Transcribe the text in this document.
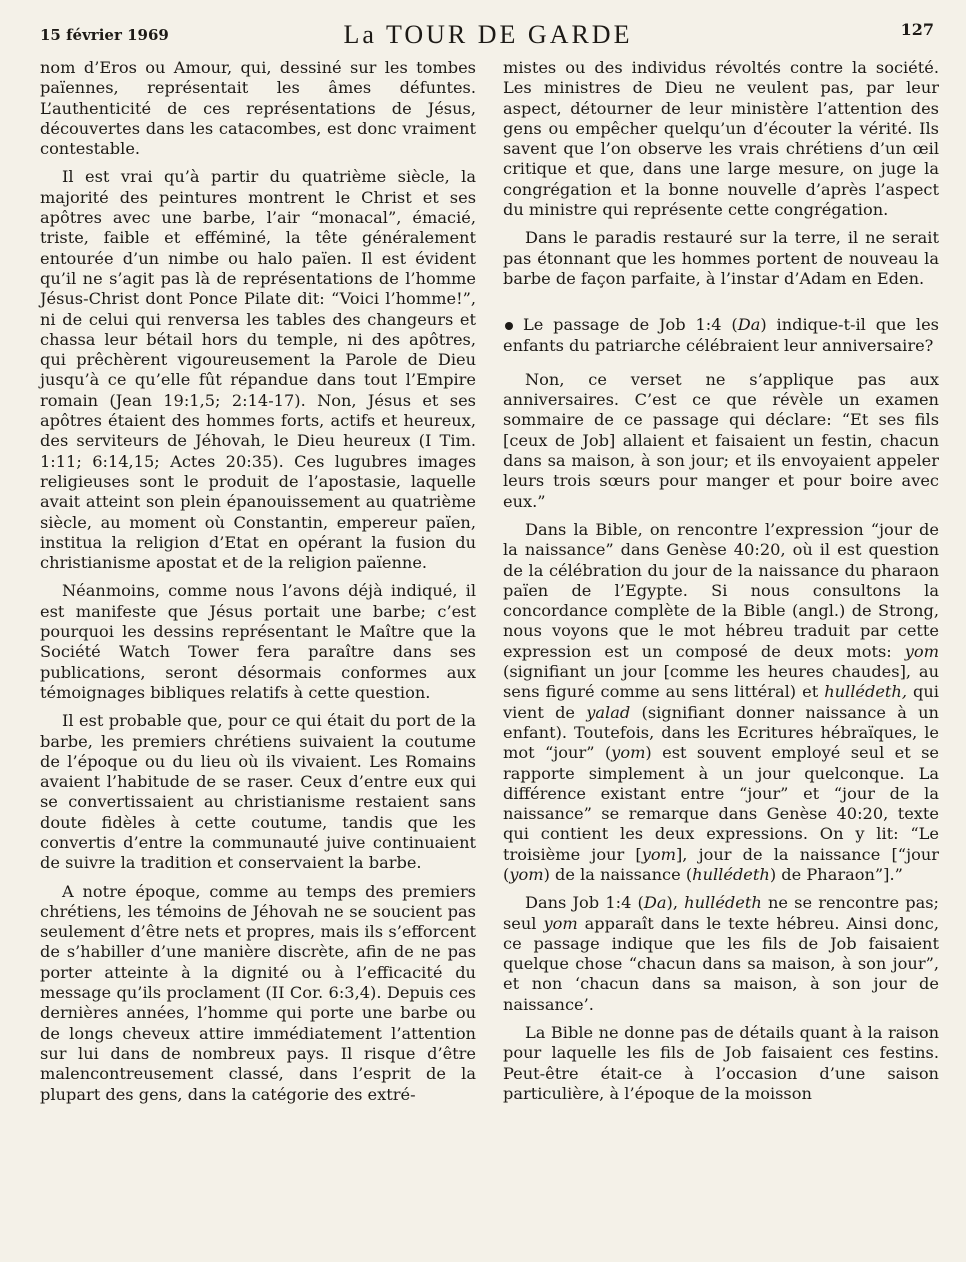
15 février 1969	La TOUR DE GARDE	127

nom d’Eros ou Amour, qui, dessiné sur les tombes païennes, représentait les âmes défuntes. L’authenticité de ces représentations de Jésus, découvertes dans les catacombes, est donc vraiment contestable.

Il est vrai qu’à partir du quatrième siècle, la majorité des peintures montrent le Christ et ses apôtres avec une barbe, l’air “monacal”, émacié, triste, faible et efféminé, la tête généralement entourée d’un nimbe ou halo païen. Il est évident qu’il ne s’agit pas là de représentations de l’homme Jésus-Christ dont Ponce Pilate dit: “Voici l’homme!”, ni de celui qui renversa les tables des changeurs et chassa leur bétail hors du temple, ni des apôtres, qui prêchèrent vigoureusement la Parole de Dieu jusqu’à ce qu’elle fût répandue dans tout l’Empire romain (Jean 19:1,5; 2:14-17). Non, Jésus et ses apôtres étaient des hommes forts, actifs et heureux, des serviteurs de Jéhovah, le Dieu heureux (I Tim. 1:11; 6:14,15; Actes 20:35). Ces lugubres images religieuses sont le produit de l’apostasie, laquelle avait atteint son plein épanouissement au quatrième siècle, au moment où Constantin, empereur païen, institua la religion d’Etat en opérant la fusion du christianisme apostat et de la religion païenne.

Néanmoins, comme nous l’avons déjà indiqué, il est manifeste que Jésus portait une barbe; c’est pourquoi les dessins représentant le Maître que la Société Watch Tower fera paraître dans ses publications, seront désormais conformes aux témoignages bibliques relatifs à cette question.

Il est probable que, pour ce qui était du port de la barbe, les premiers chrétiens suivaient la coutume de l’époque ou du lieu où ils vivaient. Les Romains avaient l’habitude de se raser. Ceux d’entre eux qui se convertissaient au christianisme restaient sans doute fidèles à cette coutume, tandis que les convertis d’entre la communauté juive continuaient de suivre la tradition et conservaient la barbe.

A notre époque, comme au temps des premiers chrétiens, les témoins de Jéhovah ne se soucient pas seulement d’être nets et propres, mais ils s’efforcent de s’habiller d’une manière discrète, afin de ne pas porter atteinte à la dignité ou à l’efficacité du message qu’ils proclament (II Cor. 6:3,4). Depuis ces dernières années, l’homme qui porte une barbe ou de longs cheveux attire immédiatement l’attention sur lui dans de nombreux pays. Il risque d’être malencontreusement classé, dans l’esprit de la plupart des gens, dans la catégorie des extré-

mistes ou des individus révoltés contre la société. Les ministres de Dieu ne veulent pas, par leur aspect, détourner de leur ministère l’attention des gens ou empêcher quelqu’un d’écouter la vérité. Ils savent que l’on observe les vrais chrétiens d’un œil critique et que, dans une large mesure, on juge la congrégation et la bonne nouvelle d’après l’aspect du ministre qui représente cette congrégation.

Dans le paradis restauré sur la terre, il ne serait pas étonnant que les hommes portent de nouveau la barbe de façon parfaite, à l’instar d’Adam en Eden.

Le passage de Job 1:4 (Da) indique-t-il que les enfants du patriarche célébraient leur anniversaire?

Non, ce verset ne s’applique pas aux anniversaires. C’est ce que révèle un examen sommaire de ce passage qui déclare: “Et ses fils [ceux de Job] allaient et faisaient un festin, chacun dans sa maison, à son jour; et ils envoyaient appeler leurs trois sœurs pour manger et pour boire avec eux.”

Dans la Bible, on rencontre l’expression “jour de la naissance” dans Genèse 40:20, où il est question de la célébration du jour de la naissance du pharaon païen de l’Egypte. Si nous consultons la concordance complète de la Bible (angl.) de Strong, nous voyons que le mot hébreu traduit par cette expression est un composé de deux mots: yom (signifiant un jour [comme les heures chaudes], au sens figuré comme au sens littéral) et hullédeth, qui vient de yalad (signifiant donner naissance à un enfant). Toutefois, dans les Ecritures hébraïques, le mot “jour” (yom) est souvent employé seul et se rapporte simplement à un jour quelconque. La différence existant entre “jour” et “jour de la naissance” se remarque dans Genèse 40:20, texte qui contient les deux expressions. On y lit: “Le troisième jour [yom], jour de la naissance [“jour (yom) de la naissance (hullédeth) de Pharaon”].”

Dans Job 1:4 (Da), hullédeth ne se rencontre pas; seul yom apparaît dans le texte hébreu. Ainsi donc, ce passage indique que les fils de Job faisaient quelque chose “chacun dans sa maison, à son jour”, et non ‘chacun dans sa maison, à son jour de naissance’.

La Bible ne donne pas de détails quant à la raison pour laquelle les fils de Job faisaient ces festins. Peut-être était-ce à l’occasion d’une saison particulière, à l’époque de la moisson
